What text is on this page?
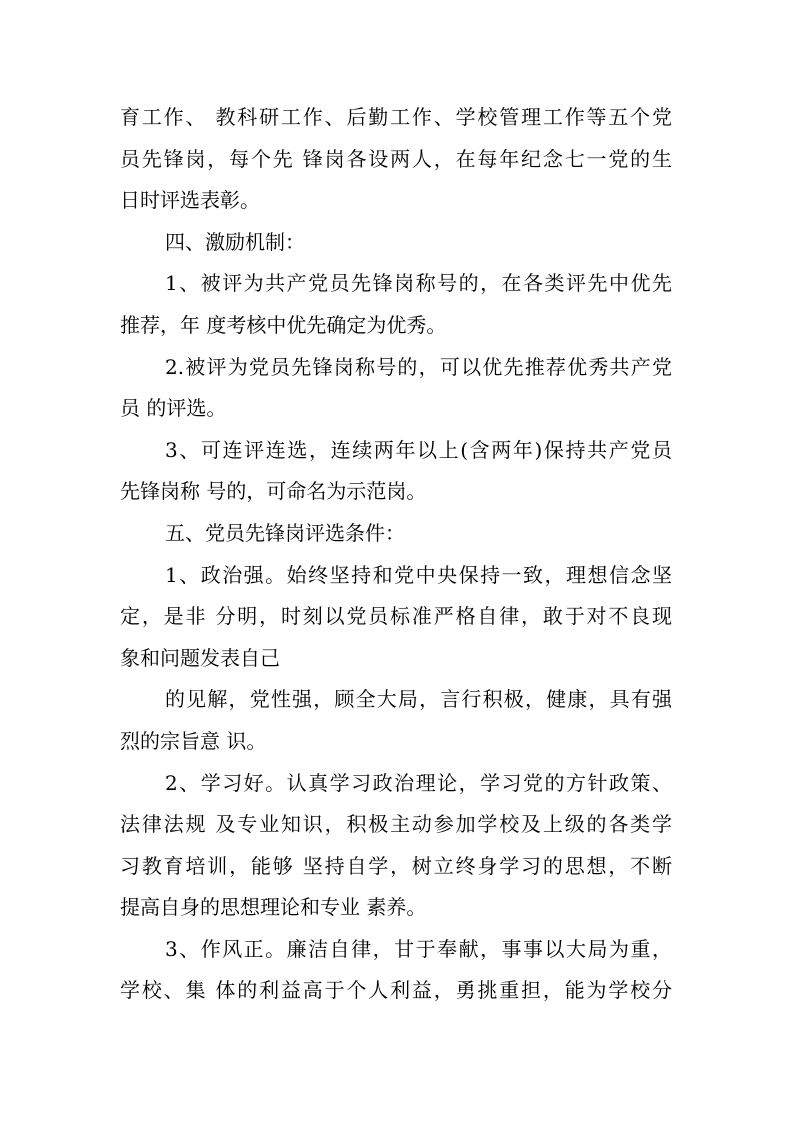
育工作、 教科研工作、后勤工作、学校管理工作等五个党
员先锋岗，每个先 锋岗各设两人，在每年纪念七一党的生
日时评选表彰。
四、激励机制：
1、被评为共产党员先锋岗称号的，在各类评先中优先
推荐，年 度考核中优先确定为优秀。
2.被评为党员先锋岗称号的，可以优先推荐优秀共产党
员 的评选。
3、可连评连选，连续两年以上(含两年)保持共产党员
先锋岗称 号的，可命名为示范岗。
五、党员先锋岗评选条件：
1、政治强。始终坚持和党中央保持一致，理想信念坚
定，是非 分明，时刻以党员标准严格自律，敢于对不良现
象和问题发表自己
的见解，党性强，顾全大局，言行积极，健康，具有强
烈的宗旨意 识。
2、学习好。认真学习政治理论，学习党的方针政策、
法律法规 及专业知识，积极主动参加学校及上级的各类学
习教育培训，能够 坚持自学，树立终身学习的思想，不断
提高自身的思想理论和专业 素养。
3、作风正。廉洁自律，甘于奉献，事事以大局为重，
学校、集 体的利益高于个人利益，勇挑重担，能为学校分
